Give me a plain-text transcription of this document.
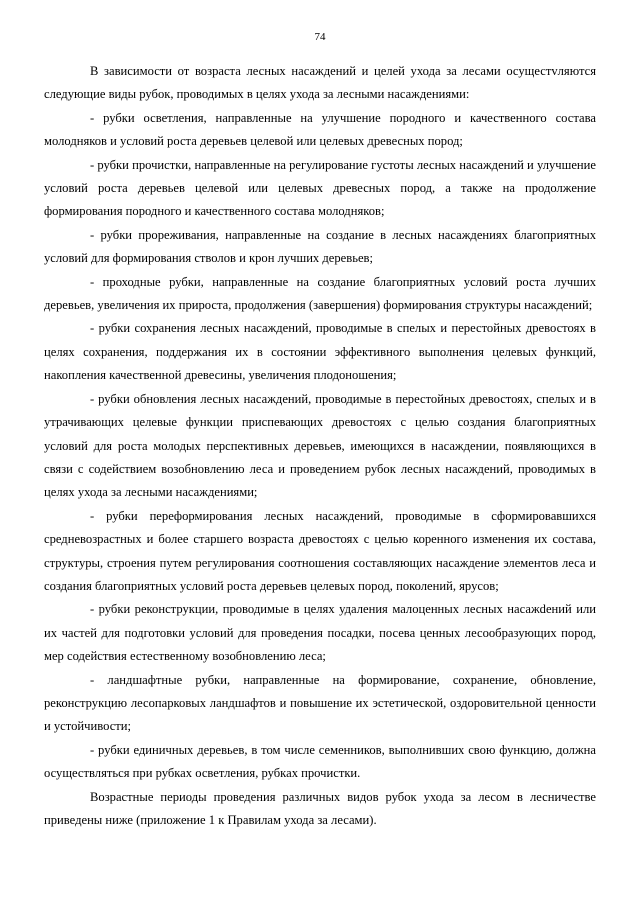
74

В зависимости от возраста лесных насаждений и целей ухода за лесами осущестvляются следующие виды рубок, проводимых в целях ухода за лесными насаждениями:

- рубки осветления, направленные на улучшение породного и качественного состава молодняков и условий роста деревьев целевой или целевых древесных пород;

- рубки прочистки, направленные на регулирование густоты лесных насаждений и улучшение условий роста деревьев целевой или целевых древесных пород, а также на продолжение формирования породного и качественного состава молодняков;

- рубки прореживания, направленные на создание в лесных насаждениях благоприятных условий для формирования стволов и крон лучших деревьев;

- проходные рубки, направленные на создание благоприятных условий роста лучших деревьев, увеличения их прироста, продолжения (завершения) формирования структуры насаждений;

- рубки сохранения лесных насаждений, проводимые в спелых и перестойных древостоях в целях сохранения, поддержания их в состоянии эффективного выполнения целевых функций, накопления качественной древесины, увеличения плодоношения;

- рубки обновления лесных насаждений, проводимые в перестойных древостоях, спелых и в утрачивающих целевые функции приспевающих древостоях с целью создания благоприятных условий для роста молодых перспективных деревьев, имеющихся в насаждении, появляющихся в связи с содействием возобновлению леса и проведением рубок лесных насаждений, проводимых в целях ухода за лесными насаждениями;

- рубки переформирования лесных насаждений, проводимые в сформировавшихся средневозрастных и более старшего возраста древостоях с целью коренного изменения их состава, структуры, строения путем регулирования соотношения составляющих насаждение элементов леса и создания благоприятных условий роста деревьев целевых пород, поколений, ярусов;

- рубки реконструкции, проводимые в целях удаления малоценных лесных насажdений или их частей для подготовки условий для проведения посадки, посева ценных лесообразующих пород, мер содействия естественному возобновлению леса;

- ландшафтные рубки, направленные на формирование, сохранение, обновление, реконструкцию лесопарковых ландшафтов и повышение их эстетической, оздоровительной ценности и устойчивости;

- рубки единичных деревьев, в том числе семенников, выполнивших свою функцию, должна осуществляться при рубках осветления, рубках прочистки.

Возрастные периоды проведения различных видов рубок ухода за лесом в лесничестве приведены ниже (приложение 1 к Правилам ухода за лесами).
